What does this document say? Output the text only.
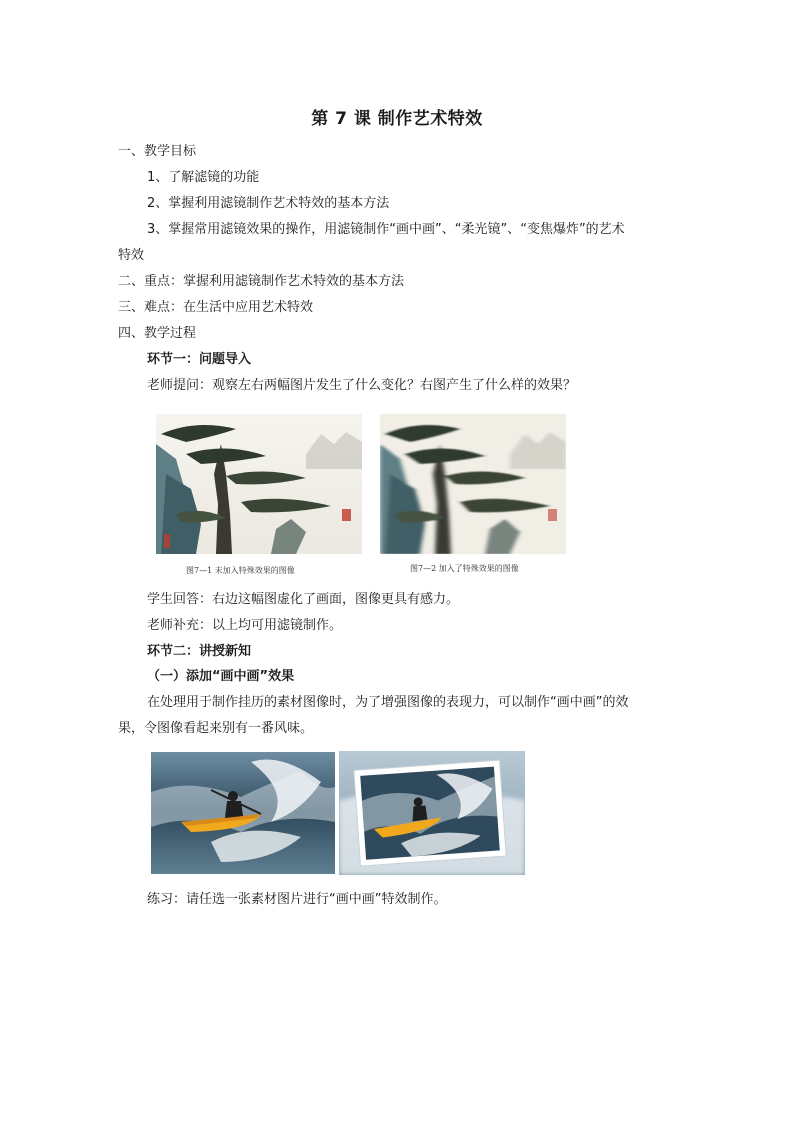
第 7 课 制作艺术特效
一、教学目标
1、了解滤镜的功能
2、掌握利用滤镜制作艺术特效的基本方法
3、掌握常用滤镜效果的操作，用滤镜制作“画中画”、“柔光镜”、“变焦爆炸”的艺术
特效
二、重点：掌握利用滤镜制作艺术特效的基本方法
三、难点：在生活中应用艺术特效
四、教学过程
环节一：问题导入
老师提问：观察左右两幅图片发生了什么变化？右图产生了什么样的效果？
图7—1 未加入特殊效果的图像	图7—2 加入了特殊效果的图像
学生回答：右边这幅图虚化了画面，图像更具有感力。
老师补充：以上均可用滤镜制作。
环节二：讲授新知
（一）添加“画中画”效果
在处理用于制作挂历的素材图像时，为了增强图像的表现力，可以制作“画中画”的效
果，令图像看起来别有一番风味。
练习：请任选一张素材图片进行“画中画”特效制作。
